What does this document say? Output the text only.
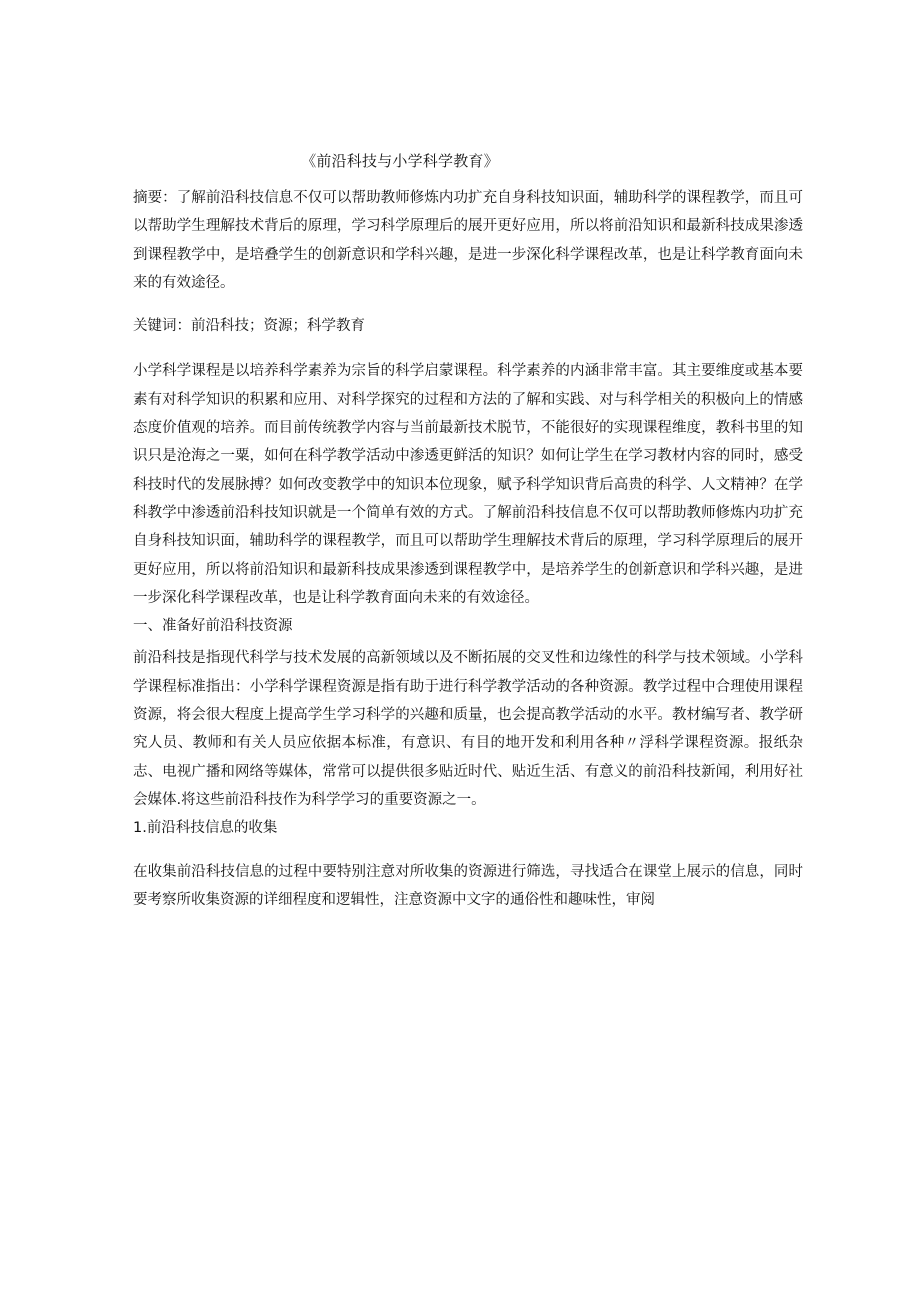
《前沿科技与小学科学教育》

摘要：了解前沿科技信息不仅可以帮助教师修炼内功扩充自身科技知识面，辅助科学的课程教学，而且可以帮助学生理解技术背后的原理，学习科学原理后的展开更好应用，所以将前沿知识和最新科技成果渗透到课程教学中，是培叠学生的创新意识和学科兴趣，是进一步深化科学课程改革，也是让科学教育面向未来的有效途径。

关键词：前沿科技；资源；科学教育

小学科学课程是以培养科学素养为宗旨的科学启蒙课程。科学素养的内涵非常丰富。其主要维度或基本要素有对科学知识的积累和应用、对科学探究的过程和方法的了解和实践、对与科学相关的积极向上的情感态度价值观的培养。而目前传统教学内容与当前最新技术脱节，不能很好的实现课程维度，教科书里的知识只是沧海之一粟，如何在科学教学活动中渗透更鲜活的知识？如何让学生在学习教材内容的同时，感受科技时代的发展脉搏？如何改变教学中的知识本位现象，赋予科学知识背后高贵的科学、人文精神？在学科教学中渗透前沿科技知识就是一个简单有效的方式。了解前沿科技信息不仅可以帮助教师修炼内功扩充自身科技知识面，辅助科学的课程教学，而且可以帮助学生理解技术背后的原理，学习科学原理后的展开更好应用，所以将前沿知识和最新科技成果渗透到课程教学中，是培养学生的创新意识和学科兴趣，是进一步深化科学课程改革，也是让科学教育面向未来的有效途径。

一、准备好前沿科技资源

前沿科技是指现代科学与技术发展的高新领域以及不断拓展的交叉性和边缘性的科学与技术领域。小学科学课程标准指出：小学科学课程资源是指有助于进行科学教学活动的各种资源。教学过程中合理使用课程资源，将会很大程度上提高学生学习科学的兴趣和质量，也会提高教学活动的水平。教材编写者、教学研究人员、教师和有关人员应依据本标准，有意识、有目的地开发和利用各种〃浮科学课程资源。报纸杂志、电视广播和网络等媒体，常常可以提供很多贴近时代、贴近生活、有意义的前沿科技新闻，利用好社会媒体.将这些前沿科技作为科学学习的重要资源之一。

1.前沿科技信息的收集

在收集前沿科技信息的过程中要特别注意对所收集的资源进行筛选，寻找适合在课堂上展示的信息，同时要考察所收集资源的详细程度和逻辑性，注意资源中文字的通俗性和趣味性，审阅
